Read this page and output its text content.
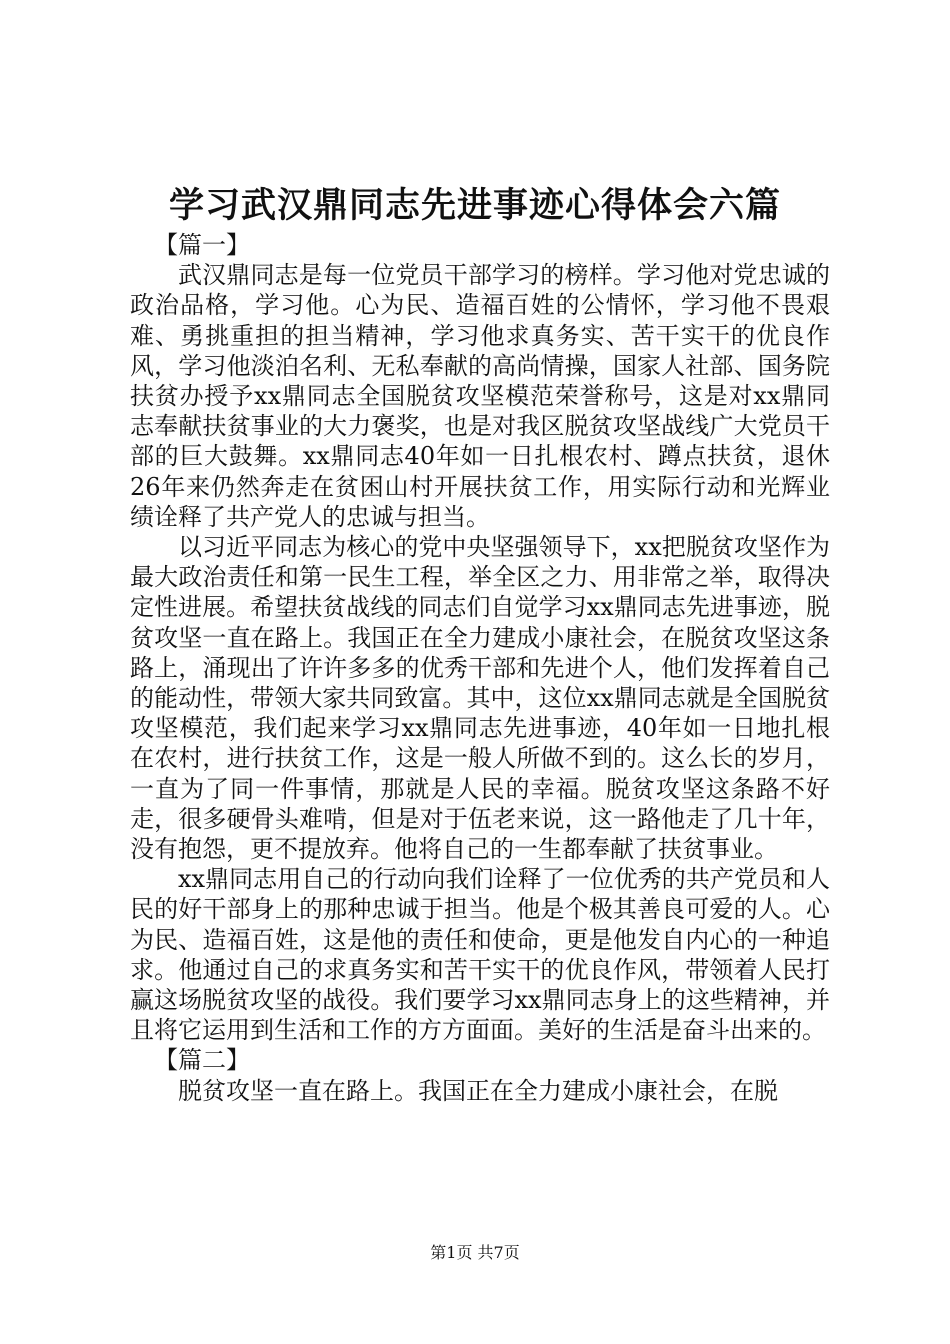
学习武汉鼎同志先进事迹心得体会六篇
【篇一】

武汉鼎同志是每一位党员干部学习的榜样。学习他对党忠诚的政治品格，学习他。心为民、造福百姓的公情怀，学习他不畏艰难、勇挑重担的担当精神，学习他求真务实、苦干实干的优良作风，学习他淡泊名利、无私奉献的高尚情操，国家人社部、国务院扶贫办授予xx鼎同志全国脱贫攻坚模范荣誉称号，这是对xx鼎同志奉献扶贫事业的大力褒奖，也是对我区脱贫攻坚战线广大党员干部的巨大鼓舞。xx鼎同志40年如一日扎根农村、蹲点扶贫，退休26年来仍然奔走在贫困山村开展扶贫工作，用实际行动和光辉业绩诠释了共产党人的忠诚与担当。

以习近平同志为核心的党中央坚强领导下，xx把脱贫攻坚作为最大政治责任和第一民生工程，举全区之力、用非常之举，取得决定性进展。希望扶贫战线的同志们自觉学习xx鼎同志先进事迹，脱贫攻坚一直在路上。我国正在全力建成小康社会，在脱贫攻坚这条路上，涌现出了许许多多的优秀干部和先进个人，他们发挥着自己的能动性，带领大家共同致富。其中，这位xx鼎同志就是全国脱贫攻坚模范，我们起来学习xx鼎同志先进事迹，40年如一日地扎根在农村，进行扶贫工作，这是一般人所做不到的。这么长的岁月，一直为了同一件事情，那就是人民的幸福。脱贫攻坚这条路不好走，很多硬骨头难啃，但是对于伍老来说，这一路他走了几十年，没有抱怨，更不提放弃。他将自己的一生都奉献了扶贫事业。

xx鼎同志用自己的行动向我们诠释了一位优秀的共产党员和人民的好干部身上的那种忠诚于担当。他是个极其善良可爱的人。心为民、造福百姓，这是他的责任和使命，更是他发自内心的一种追求。他通过自己的求真务实和苦干实干的优良作风，带领着人民打赢这场脱贫攻坚的战役。我们要学习xx鼎同志身上的这些精神，并且将它运用到生活和工作的方方面面。美好的生活是奋斗出来的。

【篇二】

脱贫攻坚一直在路上。我国正在全力建成小康社会，在脱

第1页 共7页
